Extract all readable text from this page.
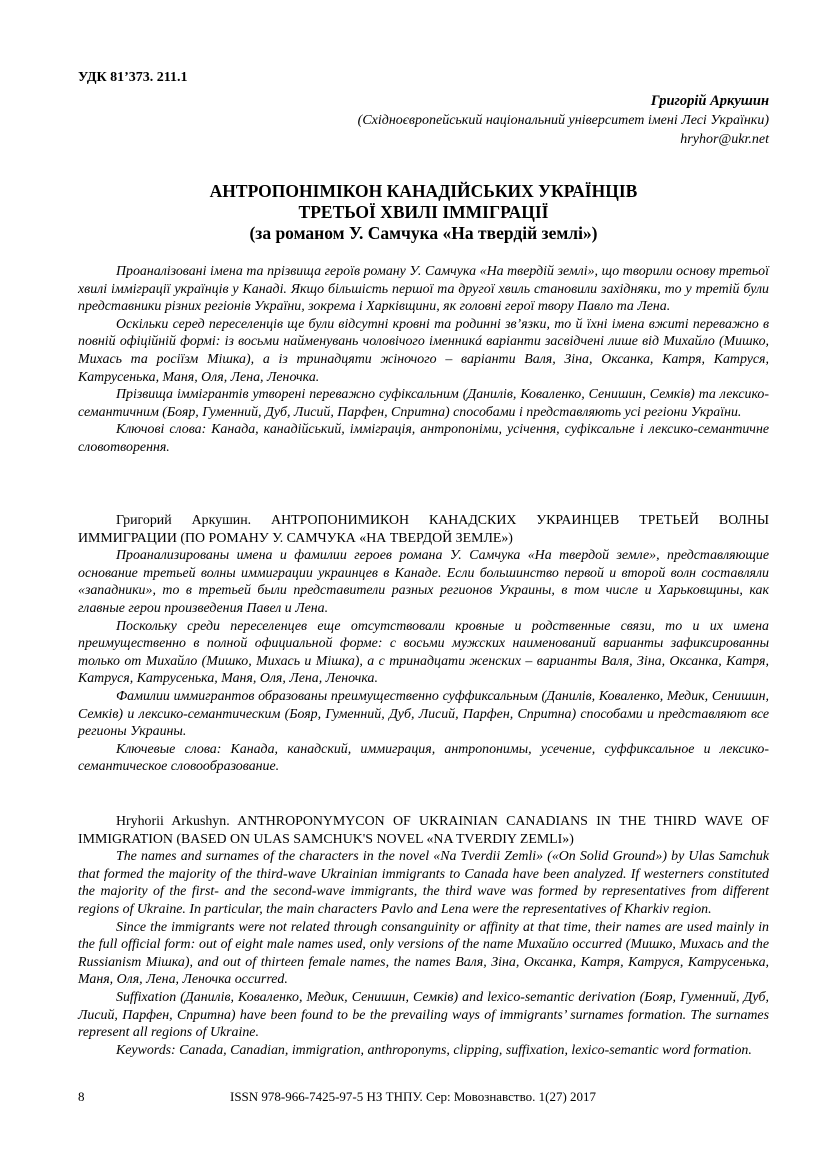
УДК 81’373. 211.1
Григорій Аркушин
(Східноєвропейський національний університет імені Лесі Українки)
hryhor@ukr.net
АНТРОПОНІМІКОН КАНАДІЙСЬКИХ УКРАЇНЦІВ
ТРЕТЬОЇ ХВИЛІ ІММІГРАЦІЇ
(за романом У. Самчука «На твердій землі»)

Проаналізовані імена та прізвища героїв роману У. Самчука «На твердій землі», що творили основу третьої хвилі імміграції українців у Канаді. Якщо більшість першої та другої хвиль становили західняки, то у третій були представники різних регіонів України, зокрема і Харківщини, як головні герої твору Павло та Лена.

Оскільки серед переселенців ще були відсутні кровні та родинні зв’язки, то й їхні імена вжиті переважно в повній офіційній формі: із восьми найменувань чоловічого іменникá варіанти засвідчені лише від Михайло (Мишко, Михась та росіїзм Мішка), а із тринадцяти жіночого – варіанти Валя, Зіна, Оксанка, Катря, Катруся, Катрусенька, Маня, Оля, Лена, Леночка.

Прізвища іммігрантів утворені переважно суфіксальним (Данилів, Коваленко, Сенишин, Семків) та лексико-семантичним (Бояр, Гуменний, Дуб, Лисий, Парфен, Спритна) способами і представляють усі регіони України.

Ключові слова: Канада, канадійський, імміграція, антропоніми, усічення, суфіксальне і лексико-семантичне словотворення.

Григорий Аркушин. АНТРОПОНИМИКОН КАНАДСКИХ УКРАИНЦЕВ ТРЕТЬЕЙ ВОЛНЫ ИММИГРАЦИИ (ПО РОМАНУ У. САМЧУКА «НА ТВЕРДОЙ ЗЕМЛЕ»)

Проанализированы имена и фамилии героев романа У. Самчука «На твердой земле», представляющие основание третьей волны иммиграции украинцев в Канаде. Если большинство первой и второй волн составляли «западники», то в третьей были представители разных регионов Украины, в том числе и Харьковщины, как главные герои произведения Павел и Лена.

Поскольку среди переселенцев еще отсутствовали кровные и родственные связи, то и их имена преимущественно в полной официальной форме: с восьми мужских наименований варианты зафиксированны только от Михайло (Мишко, Михась и Мішка), а с тринадцати женских – варианты Валя, Зіна, Оксанка, Катря, Катруся, Катрусенька, Маня, Оля, Лена, Леночка.

Фамилии иммигрантов образованы преимущественно суффиксальным (Данилів, Коваленко, Медик, Сенишин, Семків) и лексико-семантическим (Бояр, Гуменний, Дуб, Лисий, Парфен, Спритна) способами и представляют все регионы Украины.

Ключевые слова: Канада, канадский, иммиграция, антропонимы, усечение, суффиксальное и лексико-семантическое словообразование.

Hryhorii Arkushyn. ANTHROPONYMYCON OF UKRAINIAN CANADIANS IN THE THIRD WAVE OF IMMIGRATION (BASED ON ULAS SAMCHUK'S NOVEL «NA TVERDIY ZEMLI»)

The names and surnames of the characters in the novel «Na Tverdii Zemli» («On Solid Ground») by Ulas Samchuk that formed the majority of the third-wave Ukrainian immigrants to Canada have been analyzed. If westerners constituted the majority of the first- and the second-wave immigrants, the third wave was formed by representatives from different regions of Ukraine. In particular, the main characters Pavlo and Lena were the representatives of Kharkiv region.

Since the immigrants were not related through consanguinity or affinity at that time, their names are used mainly in the full official form: out of eight male names used, only versions of the name Михайло occurred (Мишко, Михась and the Russianism Мішка), and out of thirteen female names, the names Валя, Зіна, Оксанка, Катря, Катруся, Катрусенька, Маня, Оля, Лена, Леночка occurred.

Suffixation (Данилів, Коваленко, Медик, Сенишин, Семків) and lexico-semantic derivation (Бояр, Гуменний, Дуб, Лисий, Парфен, Спритна) have been found to be the prevailing ways of immigrants’ surnames formation. The surnames represent all regions of Ukraine.

Keywords: Canada, Canadian, immigration, anthroponyms, clipping, suffixation, lexico-semantic word formation.

8	ISSN 978-966-7425-97-5 НЗ ТНПУ. Сер: Мовознавство. 1(27) 2017
